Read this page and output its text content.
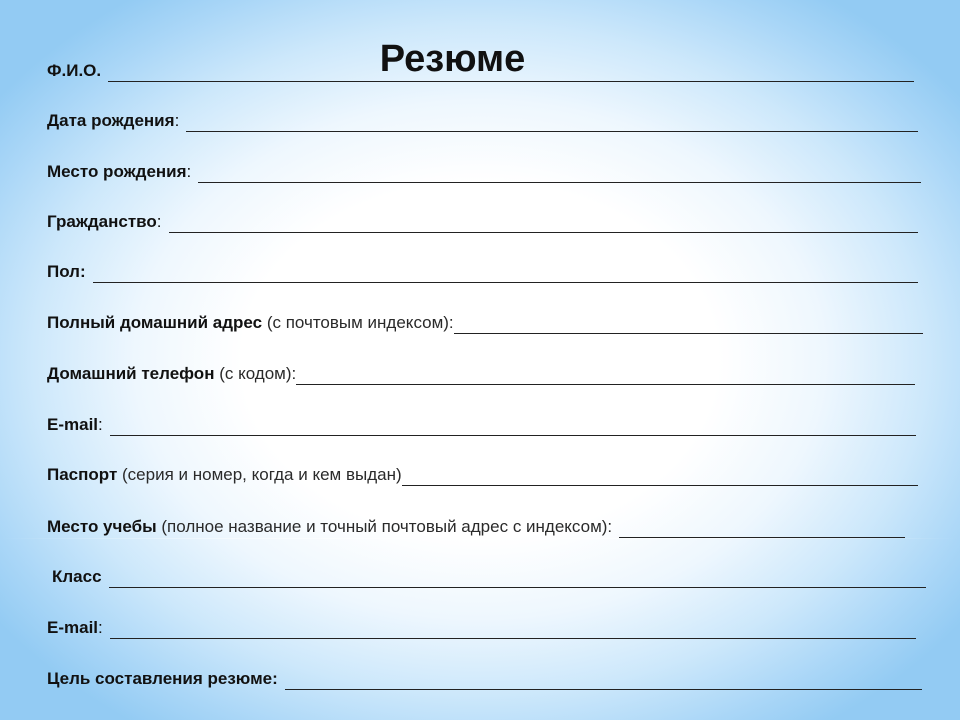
Резюме
Ф.И.О.
Дата рождения :
Место рождения :
Гражданство :
Пол:
Полный домашний адрес
(с почтовым индексом):
Домашний телефон
(с кодом):
E-mail :
Паспорт
(серия и номер, когда и кем выдан)
Место учебы
(полное название и точный почтовый адрес с индексом):
Класс
E-mail :
Цель составления резюме:
